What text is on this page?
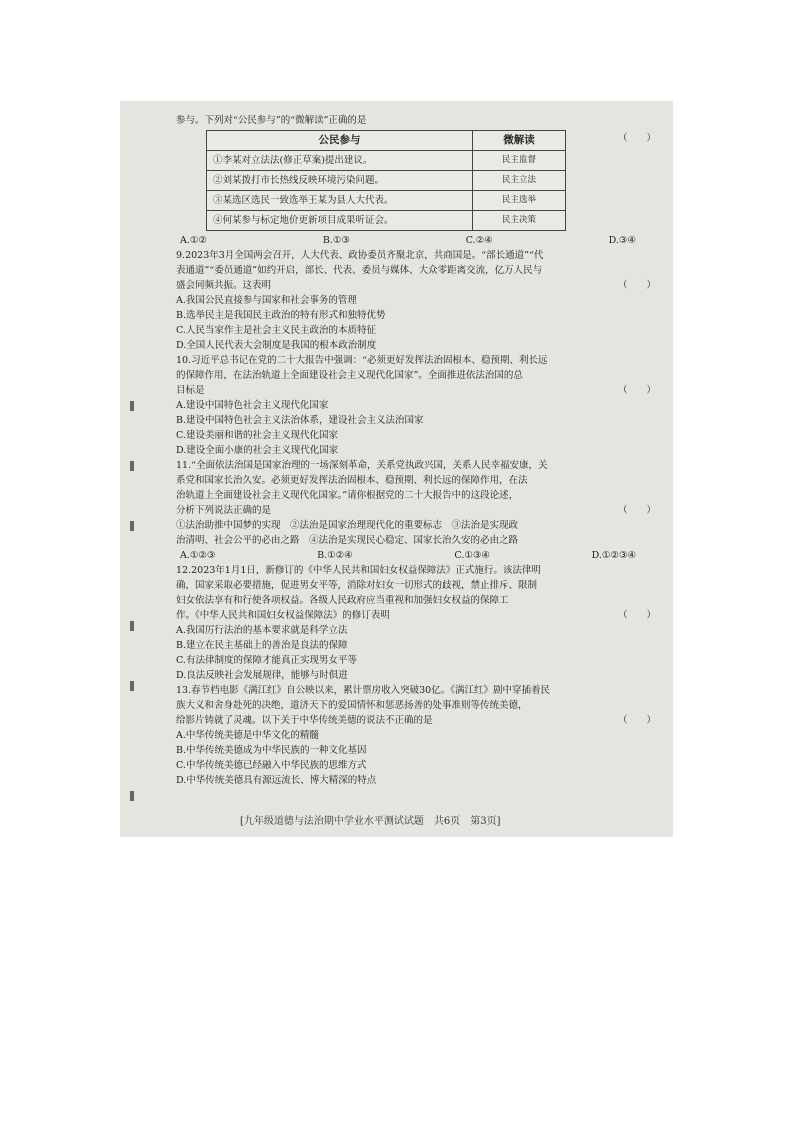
参与。下列对“公民参与”的“微解读”正确的是
公民参与	微解读
①李某对立法法(修正草案)提出建议。	民主监督
②刘某拨打市长热线反映环境污染问题。	民主立法
③某选区选民一致选举王某为县人大代表。	民主选举
④何某参与标定地价更新项目成果听证会。	民主决策
（　　）
A.①②	B.①③	C.②④	D.③④
9.2023年3月全国两会召开，人大代表、政协委员齐聚北京，共商国是。“部长通道”“代
表通道”“委员通道”如约开启，部长、代表、委员与媒体、大众零距离交流，亿万人民与
盛会同频共振。这表明	（　　）
A.我国公民直接参与国家和社会事务的管理
B.选举民主是我国民主政治的特有形式和独特优势
C.人民当家作主是社会主义民主政治的本质特征
D.全国人民代表大会制度是我国的根本政治制度
10.习近平总书记在党的二十大报告中强调：“必须更好发挥法治固根本、稳预期、利长远
的保障作用，在法治轨道上全面建设社会主义现代化国家”。全面推进依法治国的总
目标是	（　　）
A.建设中国特色社会主义现代化国家
B.建设中国特色社会主义法治体系，建设社会主义法治国家
C.建设美丽和谐的社会主义现代化国家
D.建设全面小康的社会主义现代化国家
11.“全面依法治国是国家治理的一场深刻革命，关系党执政兴国，关系人民幸福安康，关
系党和国家长治久安。必须更好发挥法治固根本、稳预期、利长远的保障作用，在法
治轨道上全面建设社会主义现代化国家。”请你根据党的二十大报告中的这段论述，
分析下列说法正确的是	（　　）
①法治助推中国梦的实现　②法治是国家治理现代化的重要标志　③法治是实现政
治清明、社会公平的必由之路　④法治是实现民心稳定、国家长治久安的必由之路
A.①②③	B.①②④	C.①③④	D.①②③④
12.2023年1月1日，新修订的《中华人民共和国妇女权益保障法》正式施行。该法律明
确，国家采取必要措施，促进男女平等，消除对妇女一切形式的歧视，禁止排斥、限制
妇女依法享有和行使各项权益。各级人民政府应当重视和加强妇女权益的保障工
作。《中华人民共和国妇女权益保障法》的修订表明	（　　）
A.我国厉行法治的基本要求就是科学立法
B.建立在民主基础上的善治是良法的保障
C.有法律制度的保障才能真正实现男女平等
D.良法反映社会发展规律，能够与时俱进
13.春节档电影《满江红》自公映以来，累计票房收入突破30亿。《满江红》剧中穿插着民
族大义和舍身赴死的决绝，道济天下的爱国情怀和惩恶扬善的处事准则等传统美德，
给影片铸就了灵魂。以下关于中华传统美德的说法不正确的是	（　　）
A.中华传统美德是中华文化的精髓
B.中华传统美德成为中华民族的一种文化基因
C.中华传统美德已经融入中华民族的思维方式
D.中华传统美德具有源远流长、博大精深的特点
[九年级道德与法治期中学业水平测试试题　共6页　第3页]
